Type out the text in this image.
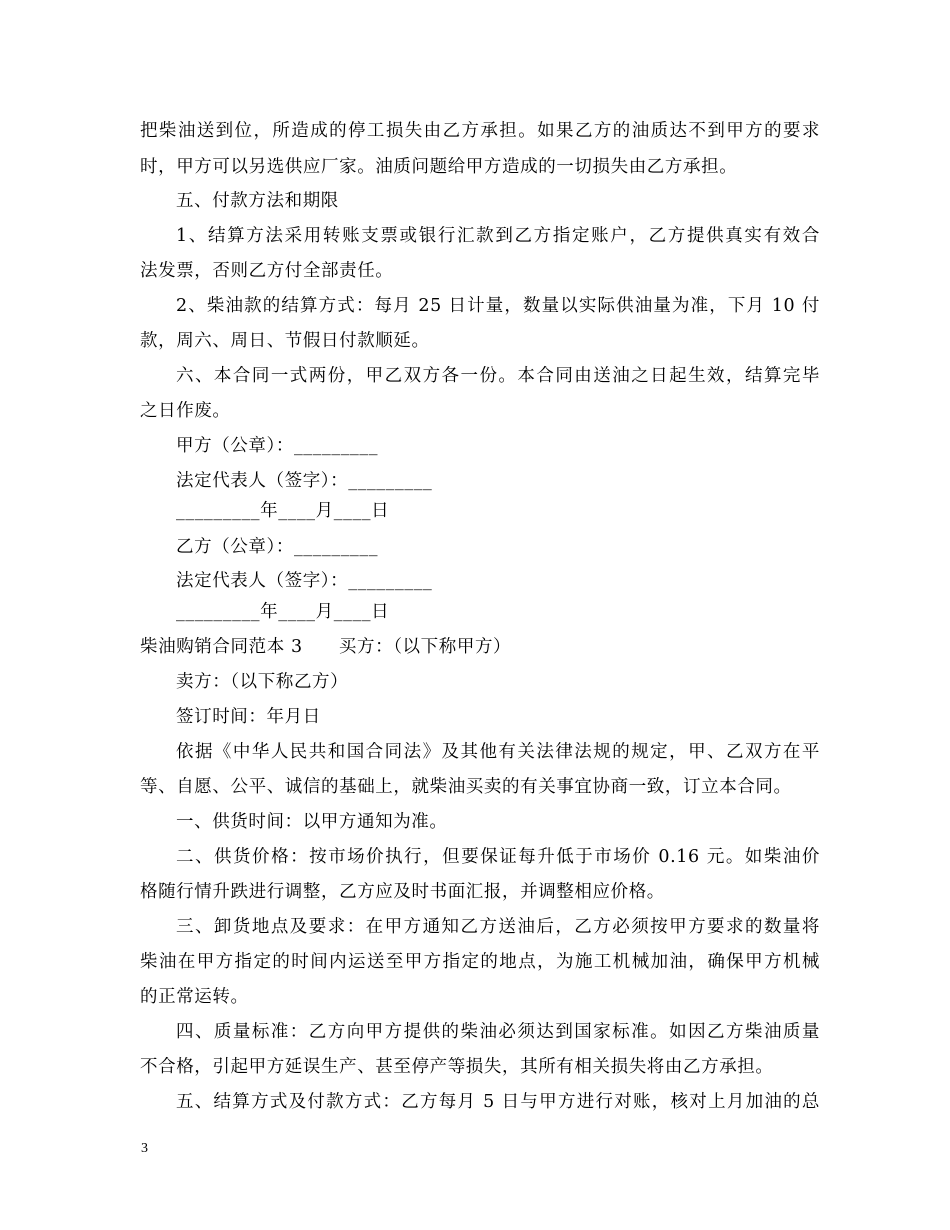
把柴油送到位，所造成的停工损失由乙方承担。如果乙方的油质达不到甲方的要求
时，甲方可以另选供应厂家。油质问题给甲方造成的一切损失由乙方承担。
五、付款方法和期限
1、结算方法采用转账支票或银行汇款到乙方指定账户，乙方提供真实有效合
法发票，否则乙方付全部责任。
2、柴油款的结算方式：每月 25 日计量，数量以实际供油量为准，下月 10 付
款，周六、周日、节假日付款顺延。
六、本合同一式两份，甲乙双方各一份。本合同由送油之日起生效，结算完毕
之日作废。
甲方（公章）：_________
法定代表人（签字）：_________
_________年____月____日
乙方（公章）：_________
法定代表人（签字）：_________
_________年____月____日
柴油购销合同范本 3　　买方：（以下称甲方）
卖方：（以下称乙方）
签订时间：年月日
依据《中华人民共和国合同法》及其他有关法律法规的规定，甲、乙双方在平
等、自愿、公平、诚信的基础上，就柴油买卖的有关事宜协商一致，订立本合同。
一、供货时间：以甲方通知为准。
二、供货价格：按市场价执行，但要保证每升低于市场价 0.16 元。如柴油价
格随行情升跌进行调整，乙方应及时书面汇报，并调整相应价格。
三、卸货地点及要求：在甲方通知乙方送油后，乙方必须按甲方要求的数量将
柴油在甲方指定的时间内运送至甲方指定的地点，为施工机械加油，确保甲方机械
的正常运转。
四、质量标准：乙方向甲方提供的柴油必须达到国家标准。如因乙方柴油质量
不合格，引起甲方延误生产、甚至停产等损失，其所有相关损失将由乙方承担。
五、结算方式及付款方式：乙方每月 5 日与甲方进行对账，核对上月加油的总
3
